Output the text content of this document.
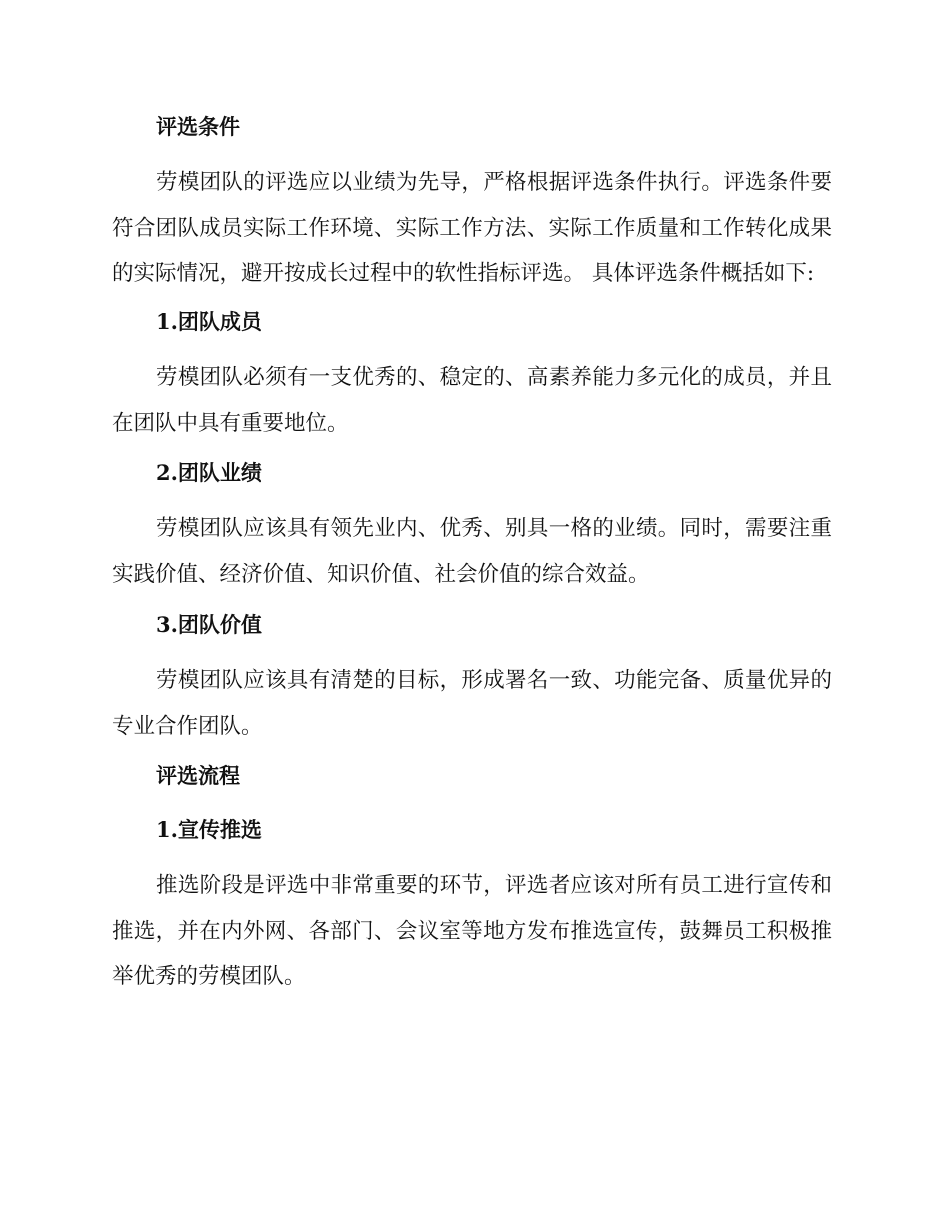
评选条件

劳模团队的评选应以业绩为先导，严格根据评选条件执行。评选条件要符合团队成员实际工作环境、实际工作方法、实际工作质量和工作转化成果的实际情况，避开按成长过程中的软性指标评选。 具体评选条件概括如下:

1.团队成员

劳模团队必须有一支优秀的、稳定的、高素养能力多元化的成员，并且在团队中具有重要地位。

2.团队业绩

劳模团队应该具有领先业内、优秀、别具一格的业绩。同时，需要注重实践价值、经济价值、知识价值、社会价值的综合效益。

3.团队价值

劳模团队应该具有清楚的目标，形成署名一致、功能完备、质量优异的专业合作团队。

评选流程
1.宣传推选

推选阶段是评选中非常重要的环节，评选者应该对所有员工进行宣传和推选，并在内外网、各部门、会议室等地方发布推选宣传，鼓舞员工积极推举优秀的劳模团队。
